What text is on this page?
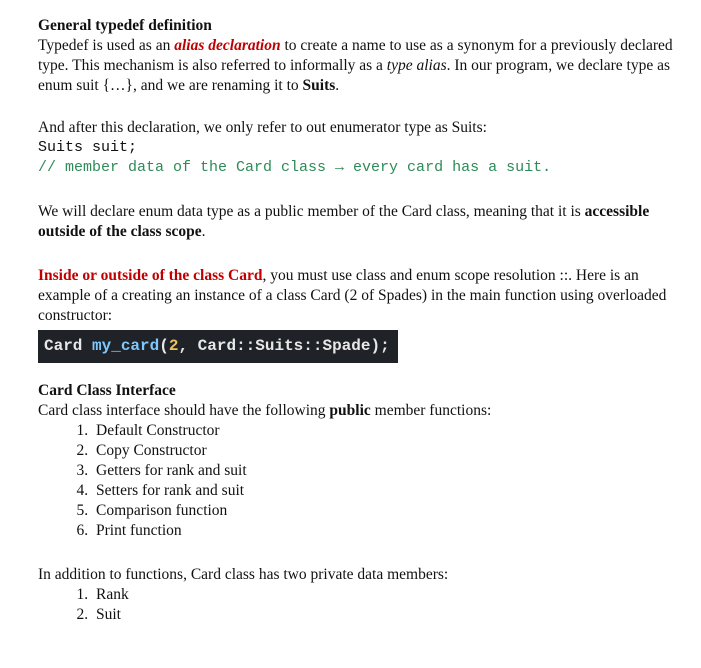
General typedef definition

Typedef is used as an alias declaration to create a name to use as a synonym for a previously declared type. This mechanism is also referred to informally as a type alias. In our program, we declare type as enum suit {…}, and we are renaming it to Suits.

And after this declaration, we only refer to out enumerator type as Suits:

Suits suit;

// member data of the Card class → every card has a suit.

We will declare enum data type as a public member of the Card class, meaning that it is accessible outside of the class scope.

Inside or outside of the class Card, you must use class and enum scope resolution ::. Here is an example of a creating an instance of a class Card (2 of Spades) in the main function using overloaded constructor:

Card my_card(2, Card::Suits::Spade);

Card Class Interface

Card class interface should have the following public member functions:

1. Default Constructor
2. Copy Constructor
3. Getters for rank and suit
4. Setters for rank and suit
5. Comparison function
6. Print function

In addition to functions, Card class has two private data members:

1. Rank
2. Suit
